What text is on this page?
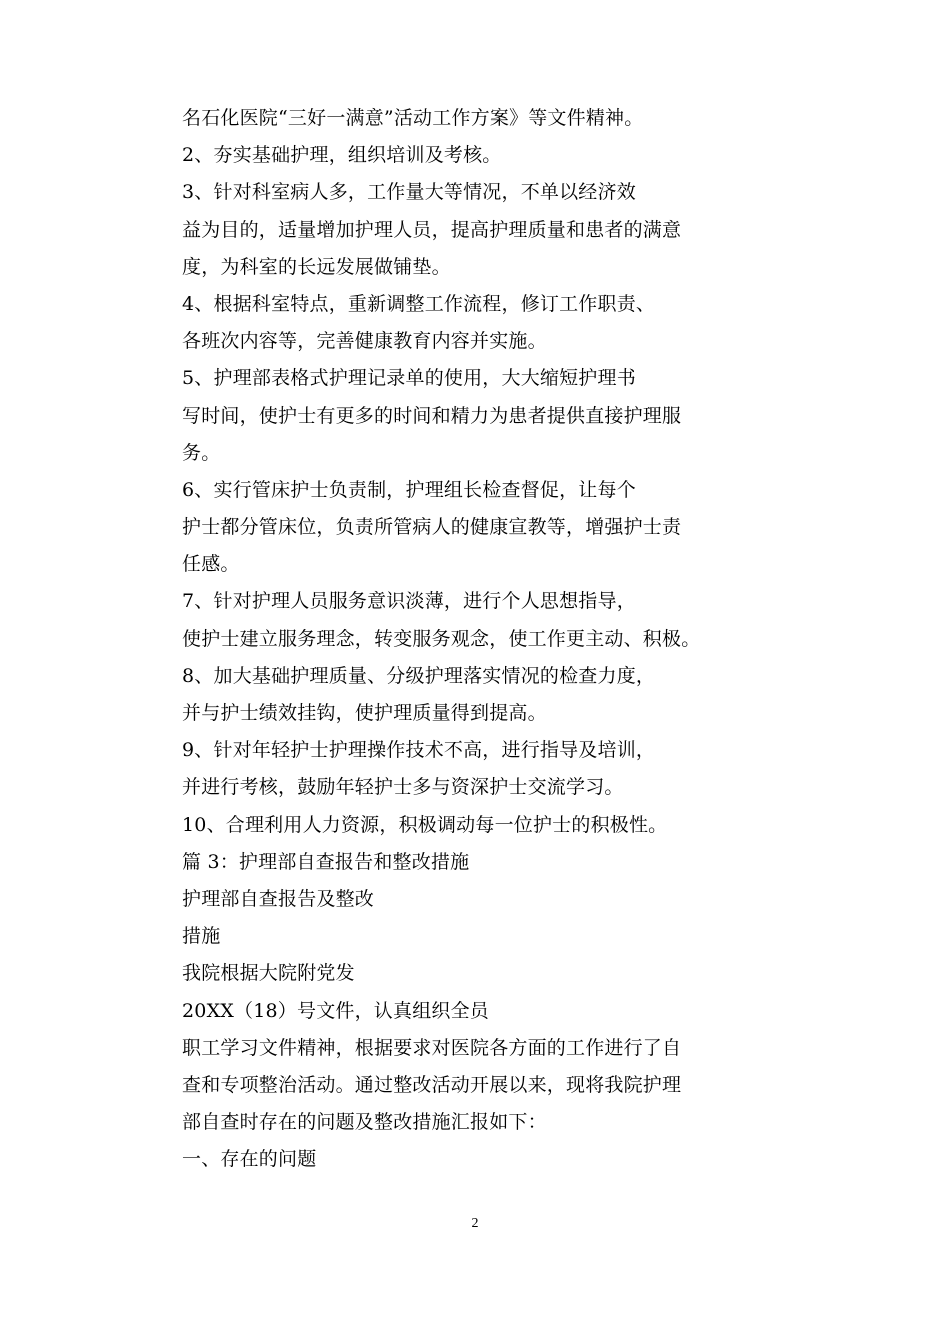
名石化医院“三好一满意”活动工作方案》等文件精神。
2、夯实基础护理，组织培训及考核。
3、针对科室病人多，工作量大等情况，不单以经济效
益为目的，适量增加护理人员，提高护理质量和患者的满意
度，为科室的长远发展做铺垫。
4、根据科室特点，重新调整工作流程，修订工作职责、
各班次内容等，完善健康教育内容并实施。
5、护理部表格式护理记录单的使用，大大缩短护理书
写时间，使护士有更多的时间和精力为患者提供直接护理服
务。
6、实行管床护士负责制，护理组长检查督促，让每个
护士都分管床位，负责所管病人的健康宣教等，增强护士责
任感。
7、针对护理人员服务意识淡薄，进行个人思想指导，
使护士建立服务理念，转变服务观念，使工作更主动、积极。
8、加大基础护理质量、分级护理落实情况的检查力度，
并与护士绩效挂钩，使护理质量得到提高。
9、针对年轻护士护理操作技术不高，进行指导及培训，
并进行考核，鼓励年轻护士多与资深护士交流学习。
10、合理利用人力资源，积极调动每一位护士的积极性。
篇 3：护理部自查报告和整改措施
护理部自查报告及整改
措施
我院根据大院附党发
20XX（18）号文件，认真组织全员
职工学习文件精神，根据要求对医院各方面的工作进行了自
查和专项整治活动。通过整改活动开展以来，现将我院护理
部自查时存在的问题及整改措施汇报如下：
一、存在的问题
2
